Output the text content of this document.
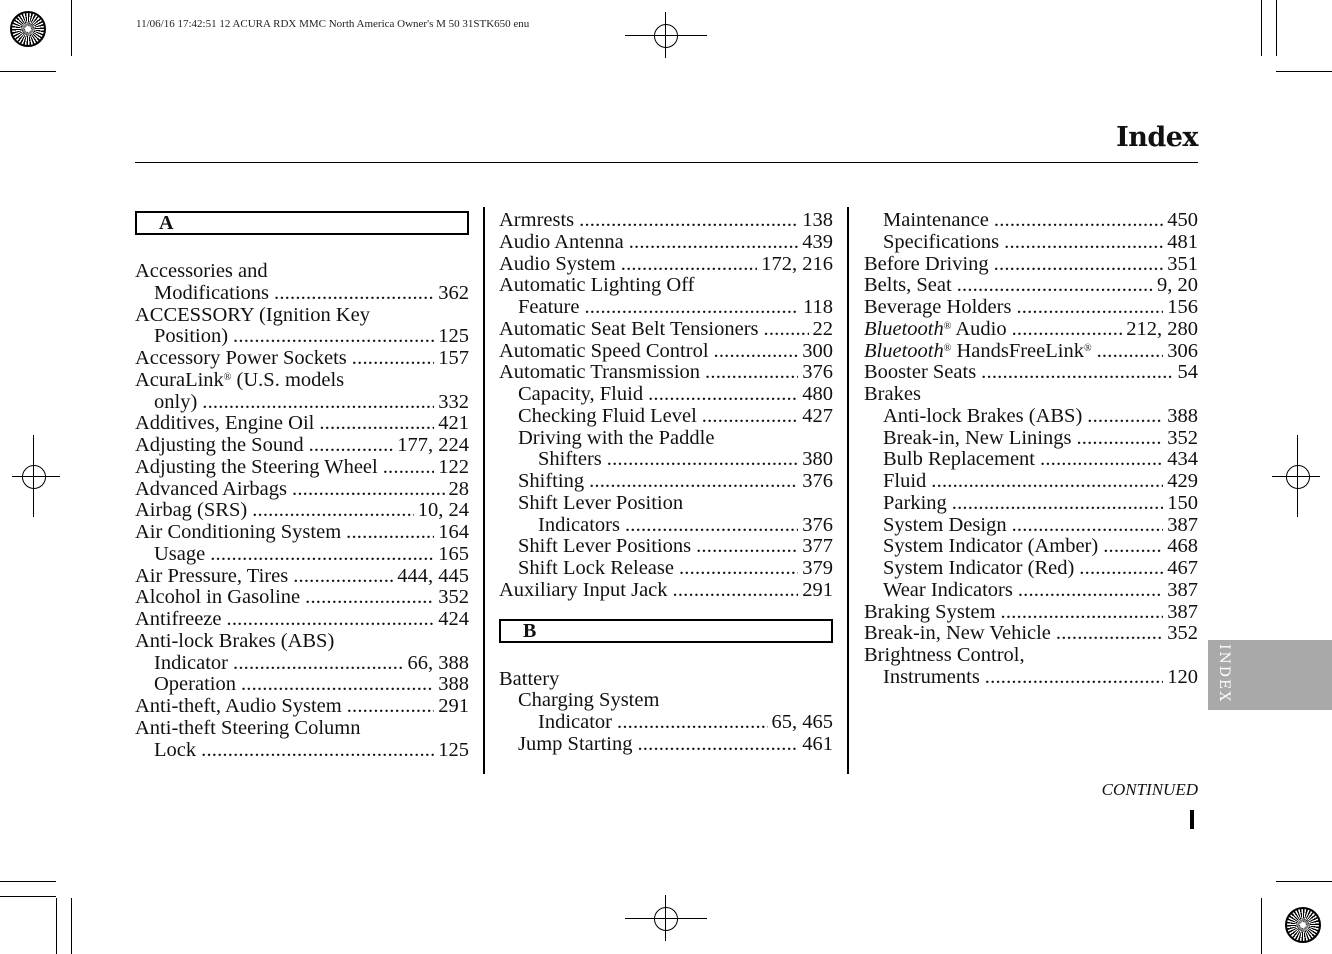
11/06/16 17:42:51 12 ACURA RDX MMC North America Owner's M 50 31STK650 enu
Index
A
Accessories and
Modifications .....	362
ACCESSORY (Ignition Key
Position) .....	125
Accessory Power Sockets .....	157
AcuraLink® (U.S. models
only) .....	332
Additives, Engine Oil .....	421
Adjusting the Sound .....	177, 224
Adjusting the Steering Wheel .....	122
Advanced Airbags .....	28
Airbag (SRS) .....	10, 24
Air Conditioning System .....	164
Usage .....	165
Air Pressure, Tires .....	444, 445
Alcohol in Gasoline .....	352
Antifreeze .....	424
Anti-lock Brakes (ABS)
Indicator .....	66, 388
Operation .....	388
Anti-theft, Audio System .....	291
Anti-theft Steering Column
Lock .....	125
Armrests .....	138
Audio Antenna .....	439
Audio System .....	172, 216
Automatic Lighting Off
Feature .....	118
Automatic Seat Belt Tensioners .....	22
Automatic Speed Control .....	300
Automatic Transmission .....	376
Capacity, Fluid .....	480
Checking Fluid Level .....	427
Driving with the Paddle
Shifters .....	380
Shifting .....	376
Shift Lever Position
Indicators .....	376
Shift Lever Positions .....	377
Shift Lock Release .....	379
Auxiliary Input Jack .....	291
B
Battery
Charging System
Indicator .....	65, 465
Jump Starting .....	461
Maintenance .....	450
Specifications .....	481
Before Driving .....	351
Belts, Seat .....	9, 20
Beverage Holders .....	156
Bluetooth® Audio .....	212, 280
Bluetooth® HandsFreeLink® .....	306
Booster Seats .....	54
Brakes
Anti-lock Brakes (ABS) .....	388
Break-in, New Linings .....	352
Bulb Replacement .....	434
Fluid .....	429
Parking .....	150
System Design .....	387
System Indicator (Amber) .....	468
System Indicator (Red) .....	467
Wear Indicators .....	387
Braking System .....	387
Break-in, New Vehicle .....	352
Brightness Control,
Instruments .....	120 INDEX
CONTINUED
